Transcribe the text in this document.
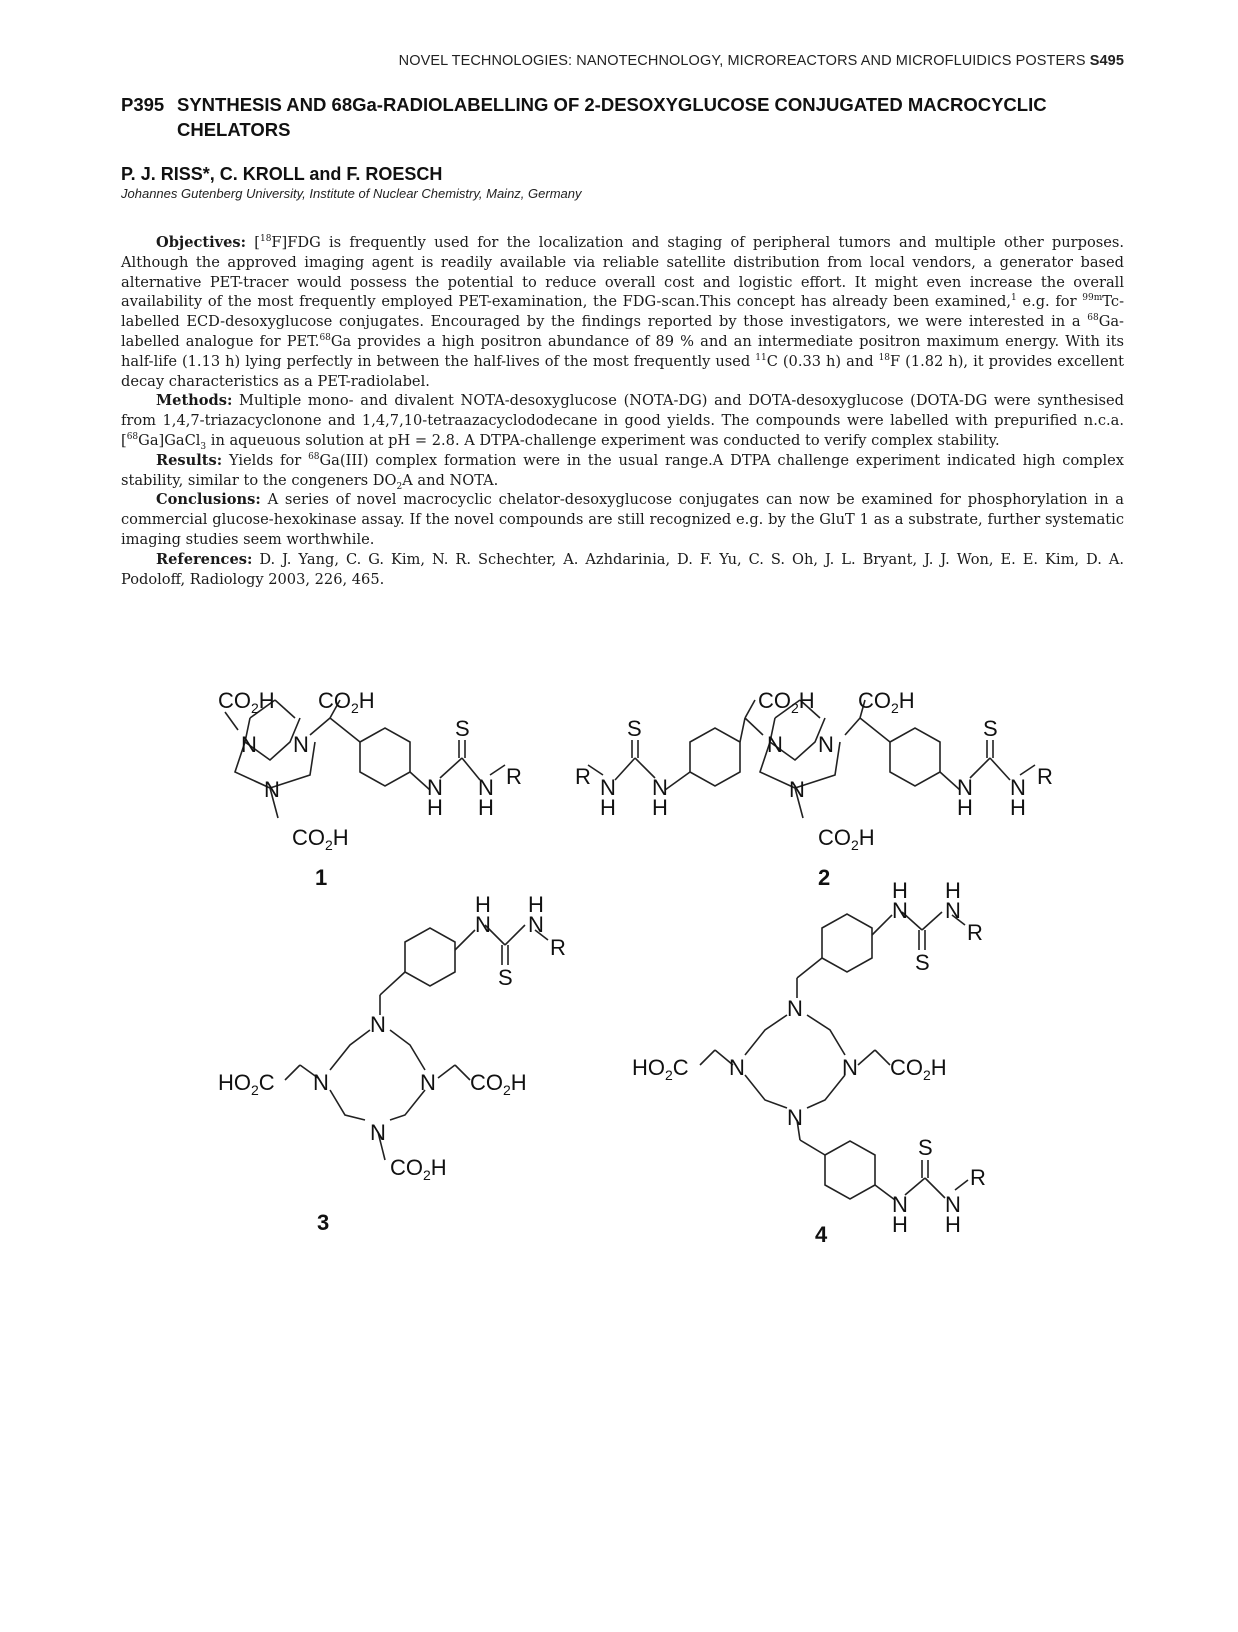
NOVEL TECHNOLOGIES: NANOTECHNOLOGY, MICROREACTORS AND MICROFLUIDICS POSTERS S495
P395 SYNTHESIS AND 68Ga-RADIOLABELLING OF 2-DESOXYGLUCOSE CONJUGATED MACROCYCLIC
CHELATORS
P. J. RISS*, C. KROLL and F. ROESCH
Johannes Gutenberg University, Institute of Nuclear Chemistry, Mainz, Germany

Objectives: [$^{18}$F]FDG is frequently used for the localization and staging of peripheral tumors and multiple other purposes. Although the approved imaging agent is readily available via reliable satellite distribution from local vendors, a generator based alternative PET-tracer would possess the potential to reduce overall cost and logistic effort. It might even increase the overall availability of the most frequently employed PET-examination, the FDG-scan.This concept has already been examined,$^1$ e.g. for $^{99m}$Tc-labelled ECD-desoxyglucose conjugates. Encouraged by the findings reported by those investigators, we were interested in a $^{68}$Ga-labelled analogue for PET.$^{68}$Ga provides a high positron abundance of 89 % and an intermediate positron maximum energy. With its half-life (1.13 h) lying perfectly in between the half-lives of the most frequently used $^{11}$C (0.33 h) and $^{18}$F (1.82 h), it provides excellent decay characteristics as a PET-radiolabel.

Methods: Multiple mono- and divalent NOTA-desoxyglucose (NOTA-DG) and DOTA-desoxyglucose (DOTA-DG were synthesised from 1,4,7-triazacyclonone and 1,4,7,10-tetraazacyclododecane in good yields. The compounds were labelled with prepurified n.c.a. [$^{68}$Ga]GaCl$_3$ in aqueuous solution at pH = 2.8. A DTPA-challenge experiment was conducted to verify complex stability.

Results: Yields for $^{68}$Ga(III) complex formation were in the usual range.A DTPA challenge experiment indicated high complex stability, similar to the congeners $DO_2A$ and NOTA.

Conclusions: A series of novel macrocyclic chelator-desoxyglucose conjugates can now be examined for phosphorylation in a commercial glucose-hexokinase assay. If the novel compounds are still recognized e.g. by the GluT 1 as a substrate, further systematic imaging studies seem worthwhile.

References: D. J. Yang, C. G. Kim, N. R. Schechter, A. Azhdarinia, D. F. Yu, C. S. Oh, J. L. Bryant, J. J. Won, E. E. Kim, D. A. Podoloff, Radiology 2003, 226, 465.

$CO_2H$ $CO_2H$
N N
N
$CO_2H$
S
N
H
N
H
R
1
$CO_2H$ $CO_2H$
N N
N
$CO_2H$
S	S
R N
H
N
H
N
H
N
H
R
2
N
N	N
N
$HO_2C$	$CO_2H$
$CO_2H$
H
N
H
N
R
S
3
N
N	N
N
$HO_2C$	$CO_2H$
H
N
H
N
R
S
S
N
H
N
H
R
4
